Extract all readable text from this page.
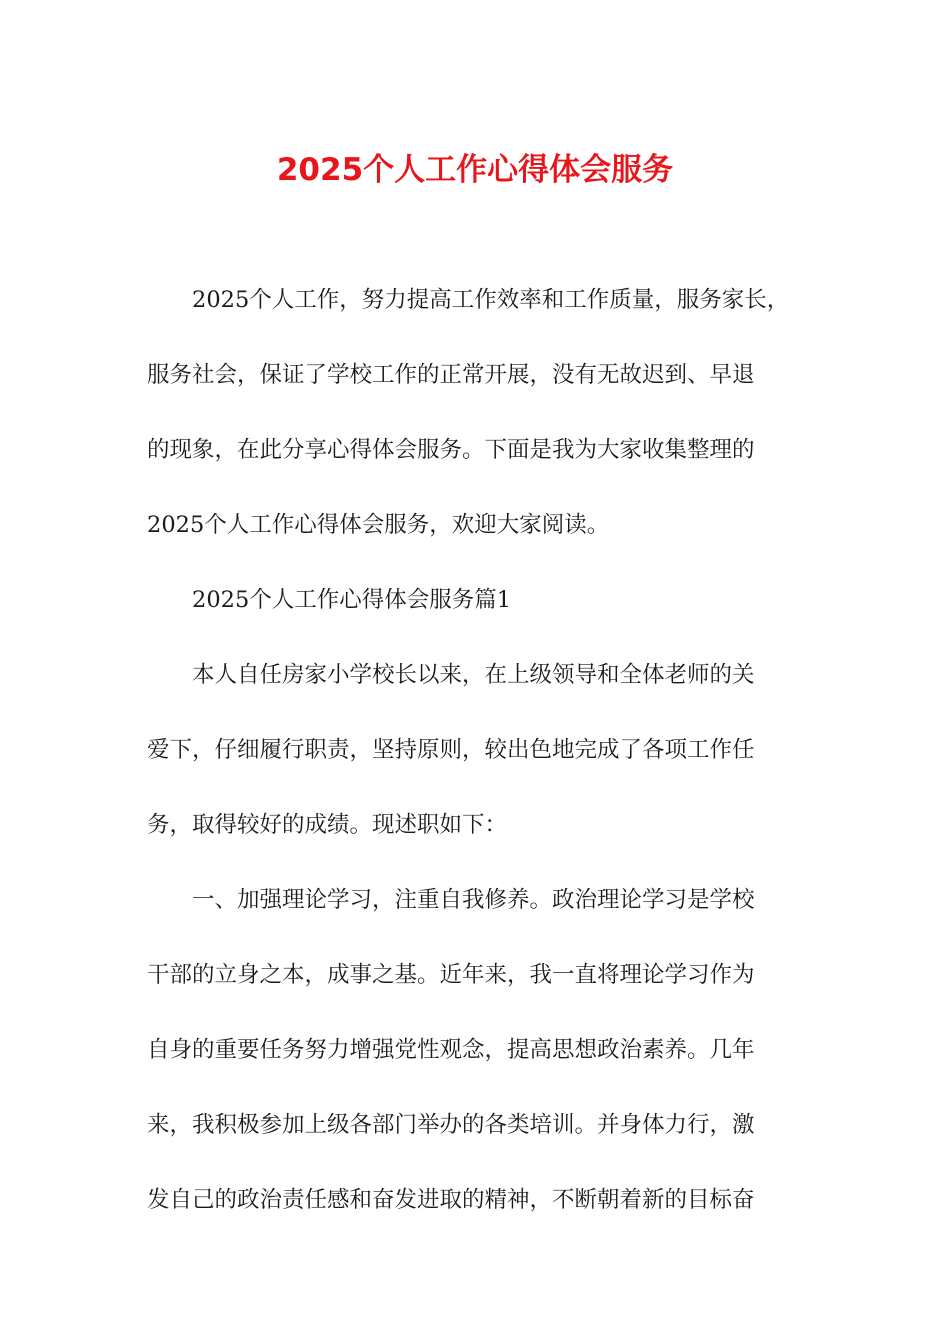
2025个人工作心得体会服务
2025个人工作，努力提高工作效率和工作质量，服务家长，
服务社会，保证了学校工作的正常开展，没有无故迟到、早退
的现象，在此分享心得体会服务。下面是我为大家收集整理的
2025个人工作心得体会服务，欢迎大家阅读。
2025个人工作心得体会服务篇1
本人自任房家小学校长以来，在上级领导和全体老师的关
爱下，仔细履行职责，坚持原则，较出色地完成了各项工作任
务，取得较好的成绩。现述职如下：
一、加强理论学习，注重自我修养。政治理论学习是学校
干部的立身之本，成事之基。近年来，我一直将理论学习作为
自身的重要任务努力增强党性观念，提高思想政治素养。几年
来，我积极参加上级各部门举办的各类培训。并身体力行，激
发自己的政治责任感和奋发进取的精神，不断朝着新的目标奋
